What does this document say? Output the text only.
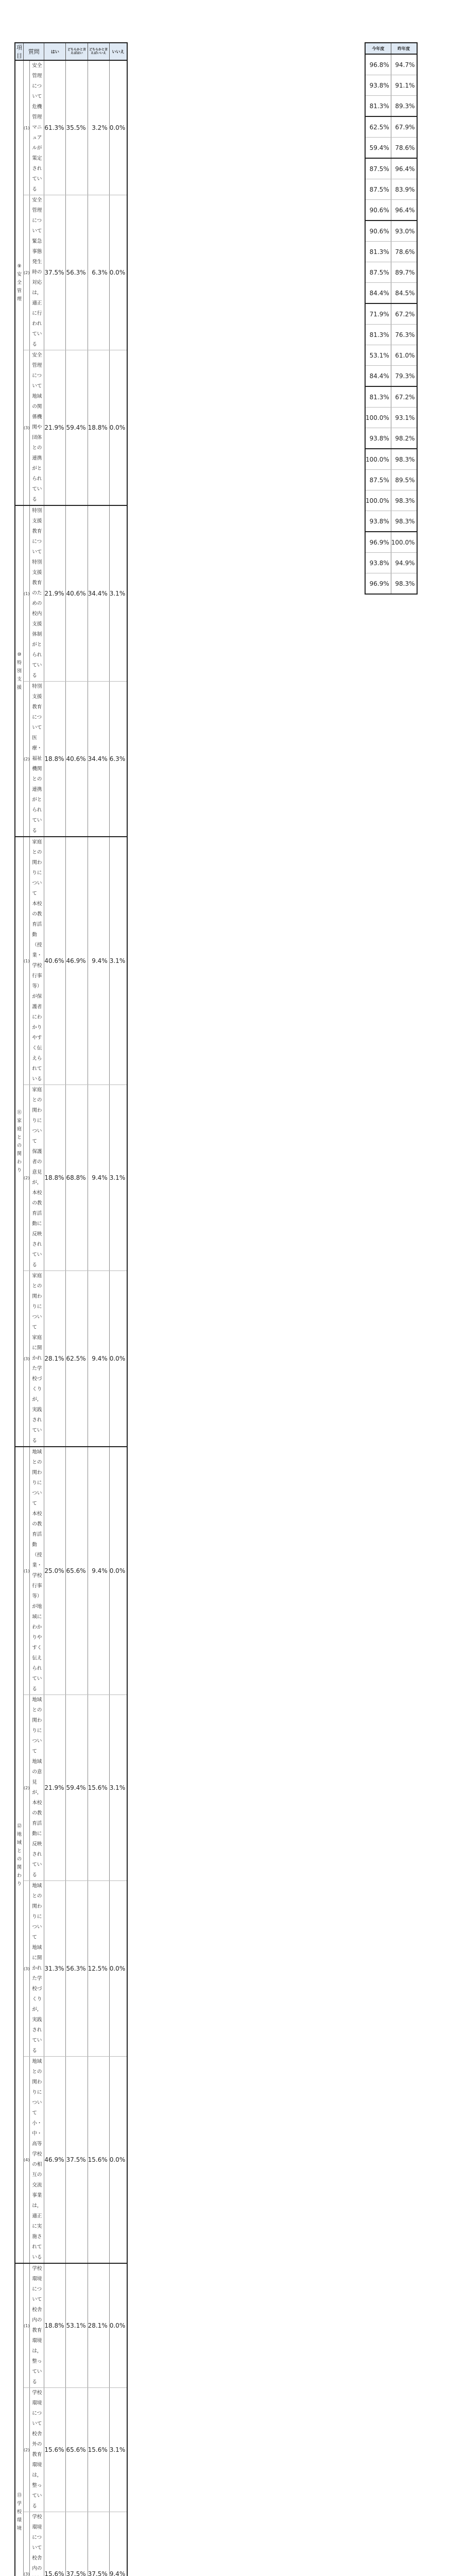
項目	質問		はい	どちらかと言えばはい	どちらかと言えばいいえ	いいえ
⑨安全管理	(1)	安全管理について 危機管理マニュアルが策定されている	61.3%	35.5%	3.2%	0.0%
	(2)	安全管理について 緊急事態発生時の対応は，適正に行われている	37.5%	56.3%	6.3%	0.0%
	(3)	安全管理について 地域の関係機関や団体との連携がとられている	21.9%	59.4%	18.8%	0.0%
⑩特別支援	(1)	特別支援教育について 特別支援教育のための校内支援体制がとられている	21.9%	40.6%	34.4%	3.1%
	(2)	特別支援教育について 医療・福祉機関との連携がとられている	18.8%	40.6%	34.4%	6.3%
⑪家庭との関わり	(1)	家庭との関わりについて 本校の教育活動（授業・学校行事等）が保護者にわかりやすく伝えられている	40.6%	46.9%	9.4%	3.1%
	(2)	家庭との関わりについて 保護者の意見が，本校の教育活動に反映されている	18.8%	68.8%	9.4%	3.1%
	(3)	家庭との関わりについて 家庭に開かれた学校づくりが，実践されている	28.1%	62.5%	9.4%	0.0%
⑫地域との関わり	(1)	地域との関わりについて 本校の教育活動（授業・学校行事等）が地域にわかりやすく伝えられている	25.0%	65.6%	9.4%	0.0%
	(2)	地域との関わりについて 地域の意見が，本校の教育活動に反映されている	21.9%	59.4%	15.6%	3.1%
	(3)	地域との関わりについて 地域に開かれた学校づくりが，実践されている	31.3%	56.3%	12.5%	0.0%
	(4)	地域との関わりについて 小・中・高等学校の相互の交流事業は，適正に実施されている	46.9%	37.5%	15.6%	0.0%
⑬学校環境	(1)	学校環境について 校舎内の教育環境は，整っている	18.8%	53.1%	28.1%	0.0%
	(2)	学校環境について 校舎外の教育環境は，整っている	15.6%	65.6%	15.6%	3.1%
	(3)	学校環境について 校舎内の	15.6%	37.5%	37.5%	9.4%

今年度	昨年度
96.8%	94.7%
93.8%	91.1%
81.3%	89.3%
62.5%	67.9%
59.4%	78.6%
87.5%	96.4%
87.5%	83.9%
90.6%	96.4%
90.6%	93.0%
81.3%	78.6%
87.5%	89.7%
84.4%	84.5%
71.9%	67.2%
81.3%	76.3%
53.1%	61.0%
84.4%	79.3%
81.3%	67.2%
100.0%	93.1%
93.8%	98.2%
100.0%	98.3%
87.5%	89.5%
100.0%	98.3%
93.8%	98.3%
96.9%	100.0%
93.8%	94.9%
96.9%	98.3%
